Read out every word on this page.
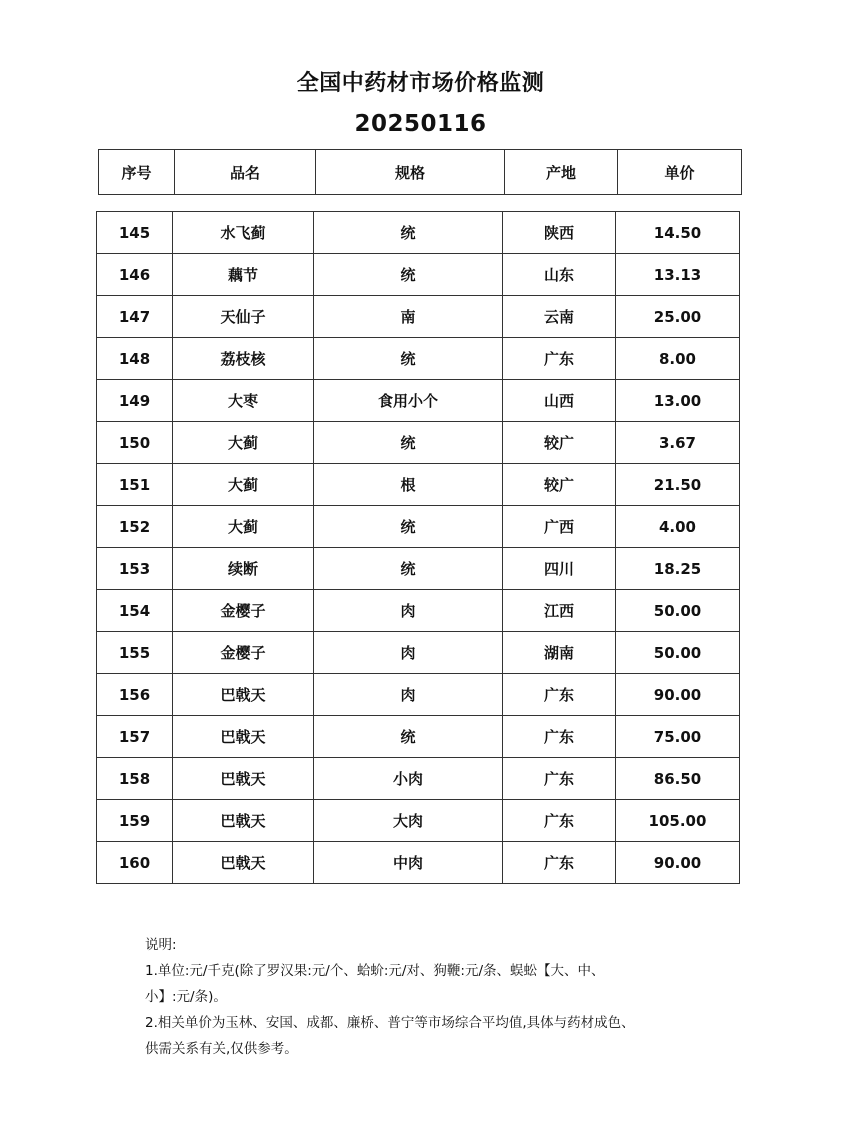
全国中药材市场价格监测
20250116
序号	品名	规格	产地	单价
145	水飞蓟	统	陕西	14.50
146	藕节	统	山东	13.13
147	天仙子	南	云南	25.00
148	荔枝核	统	广东	8.00
149	大枣	食用小个	山西	13.00
150	大蓟	统	较广	3.67
151	大蓟	根	较广	21.50
152	大蓟	统	广西	4.00
153	续断	统	四川	18.25
154	金樱子	肉	江西	50.00
155	金樱子	肉	湖南	50.00
156	巴戟天	肉	广东	90.00
157	巴戟天	统	广东	75.00
158	巴戟天	小肉	广东	86.50
159	巴戟天	大肉	广东	105.00
160	巴戟天	中肉	广东	90.00

说明:

1.单位:元/千克(除了罗汉果:元/个、蛤蚧:元/对、狗鞭:元/条、蜈蚣【大、中、

小】:元/条)。

2.相关单价为玉林、安国、成都、廉桥、普宁等市场综合平均值,具体与药材成色、

供需关系有关,仅供参考。
